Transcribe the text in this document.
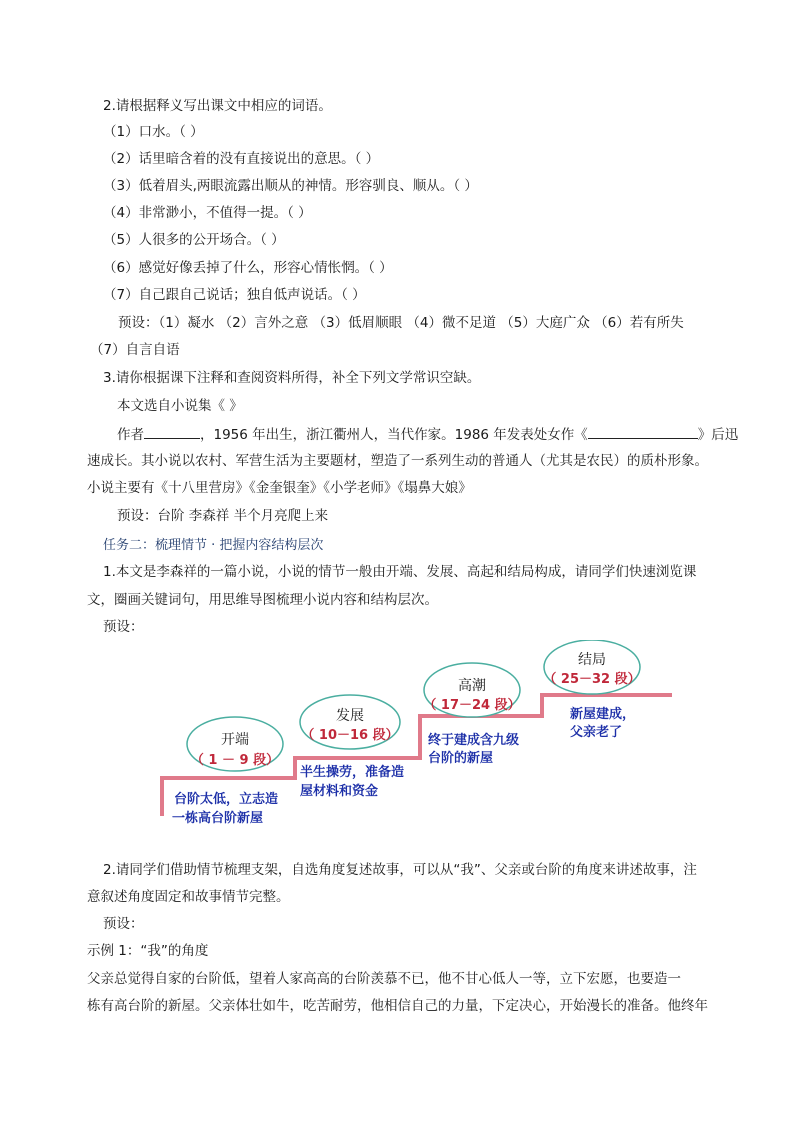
2.请根据释义写出课文中相应的词语。
（1）口水。（ ）
（2）话里暗含着的没有直接说出的意思。（ ）
（3）低着眉头,两眼流露出顺从的神情。形容驯良、顺从。（ ）
（4）非常渺小，不值得一提。（ ）
（5）人很多的公开场合。（ ）
（6）感觉好像丢掉了什么，形容心情怅惘。（ ）
（7）自己跟自己说话；独自低声说话。（ ）
预设：（1）凝水 （2）言外之意 （3）低眉顺眼 （4）微不足道 （5）大庭广众 （6）若有所失
（7）自言自语
3.请你根据课下注释和查阅资料所得，补全下列文学常识空缺。
本文选自小说集《 》
作者	，1956 年出生，浙江衢州人，当代作家。1986 年发表处女作《	》后迅
速成长。其小说以农村、军营生活为主要题材，塑造了一系列生动的普通人（尤其是农民）的质朴形象。
小说主要有《十八里营房》《金奎银奎》《小学老师》《塌鼻大娘》
预设：台阶 李森祥 半个月亮爬上来
任务二：梳理情节 · 把握内容结构层次
1.本文是李森祥的一篇小说，小说的情节一般由开端、发展、高起和结局构成，请同学们快速浏览课
文，圈画关键词句，用思维导图梳理小说内容和结构层次。
预设：
开端
（ 1 － 9 段）
台阶太低，立志造
一栋高台阶新屋
发展
（ 10－16 段）
半生操劳，准备造
屋材料和资金
高潮
（ 17－24 段）
终于建成含九级
台阶的新屋
结局
（ 25－32 段）
新屋建成，
父亲老了
2.请同学们借助情节梳理支架，自选角度复述故事，可以从“我”、父亲或台阶的角度来讲述故事，注
意叙述角度固定和故事情节完整。
预设：
示例 1：“我”的角度
父亲总觉得自家的台阶低，望着人家高高的台阶羡慕不已，他不甘心低人一等，立下宏愿，也要造一
栋有高台阶的新屋。父亲体壮如牛，吃苦耐劳，他相信自己的力量，下定决心，开始漫长的准备。他终年
